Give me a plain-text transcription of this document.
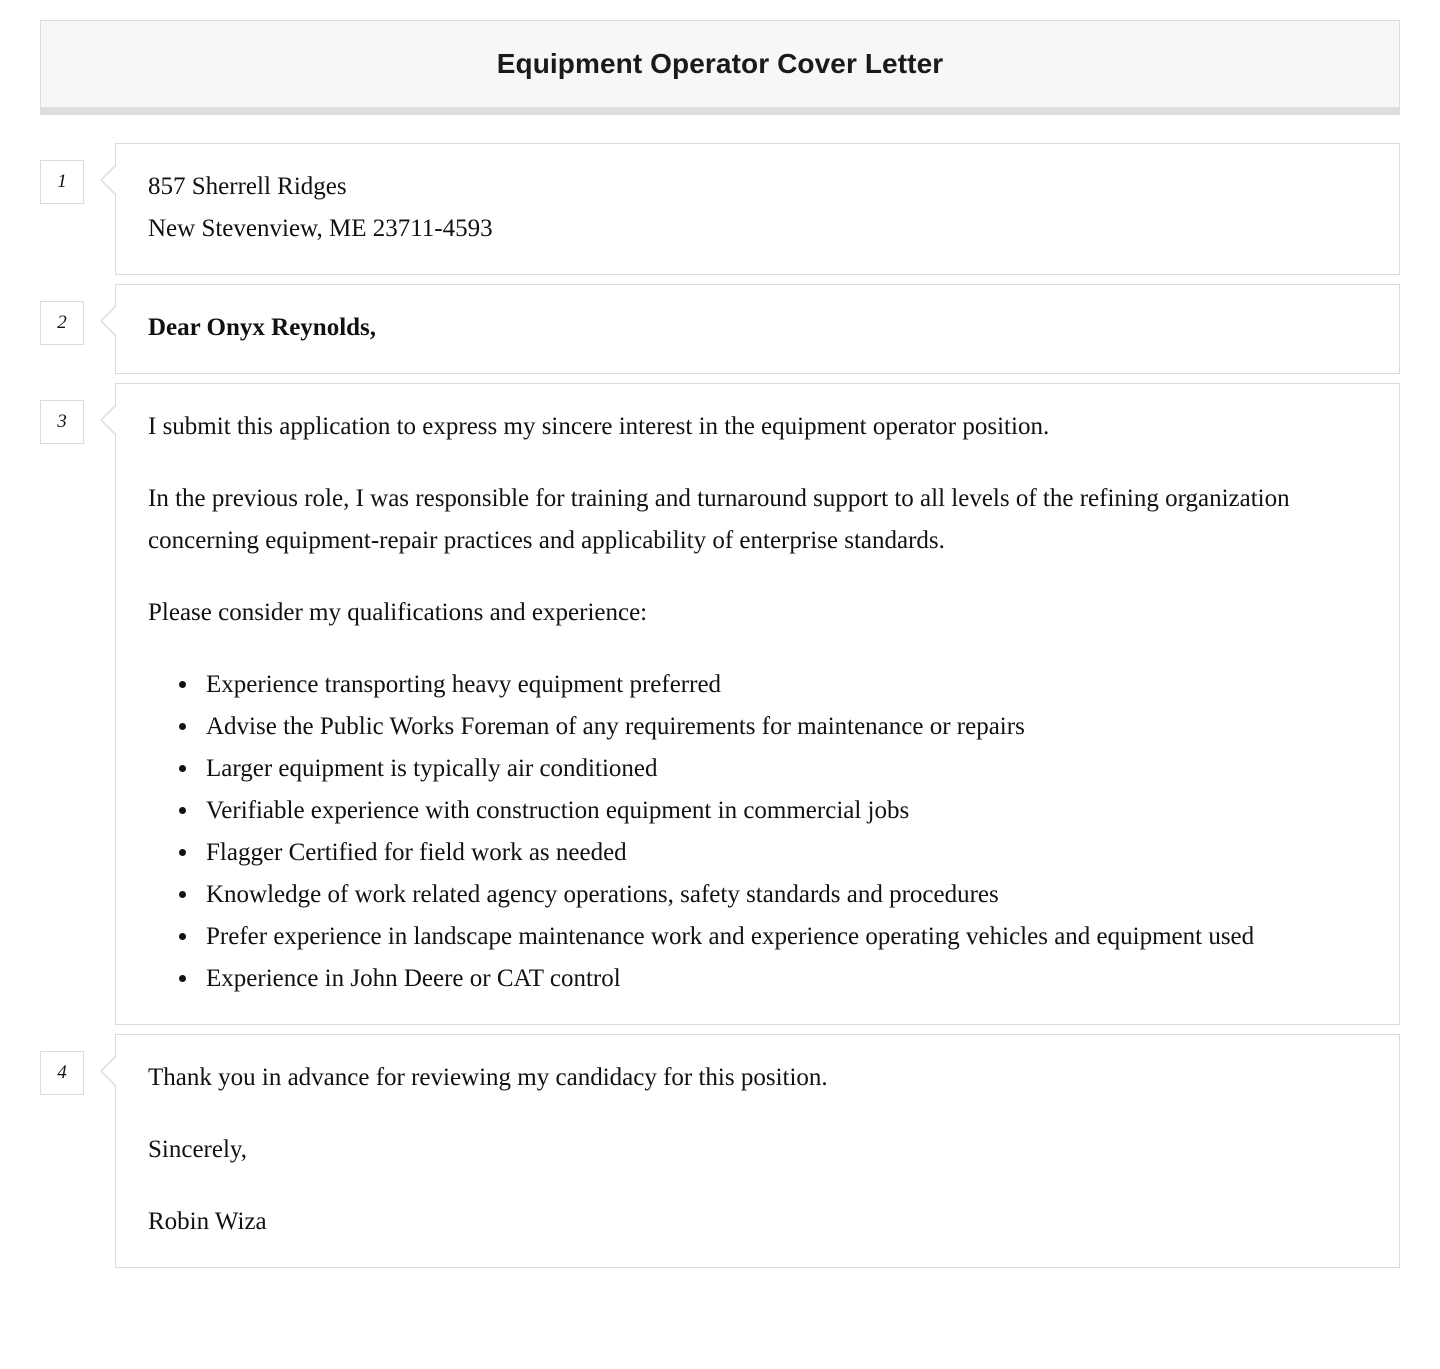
Equipment Operator Cover Letter
1	857 Sherrell Ridges
New Stevenview, ME 23711-4593
2	Dear Onyx Reynolds,
3	I submit this application to express my sincere interest in the equipment operator position.

In the previous role, I was responsible for training and turnaround support to all levels of the refining organization concerning equipment-repair practices and applicability of enterprise standards.

Please consider my qualifications and experience:

• Experience transporting heavy equipment preferred
• Advise the Public Works Foreman of any requirements for maintenance or repairs
• Larger equipment is typically air conditioned
• Verifiable experience with construction equipment in commercial jobs
• Flagger Certified for field work as needed
• Knowledge of work related agency operations, safety standards and procedures
• Prefer experience in landscape maintenance work and experience operating vehicles and equipment used
• Experience in John Deere or CAT control
4	Thank you in advance for reviewing my candidacy for this position.

Sincerely,

Robin Wiza
